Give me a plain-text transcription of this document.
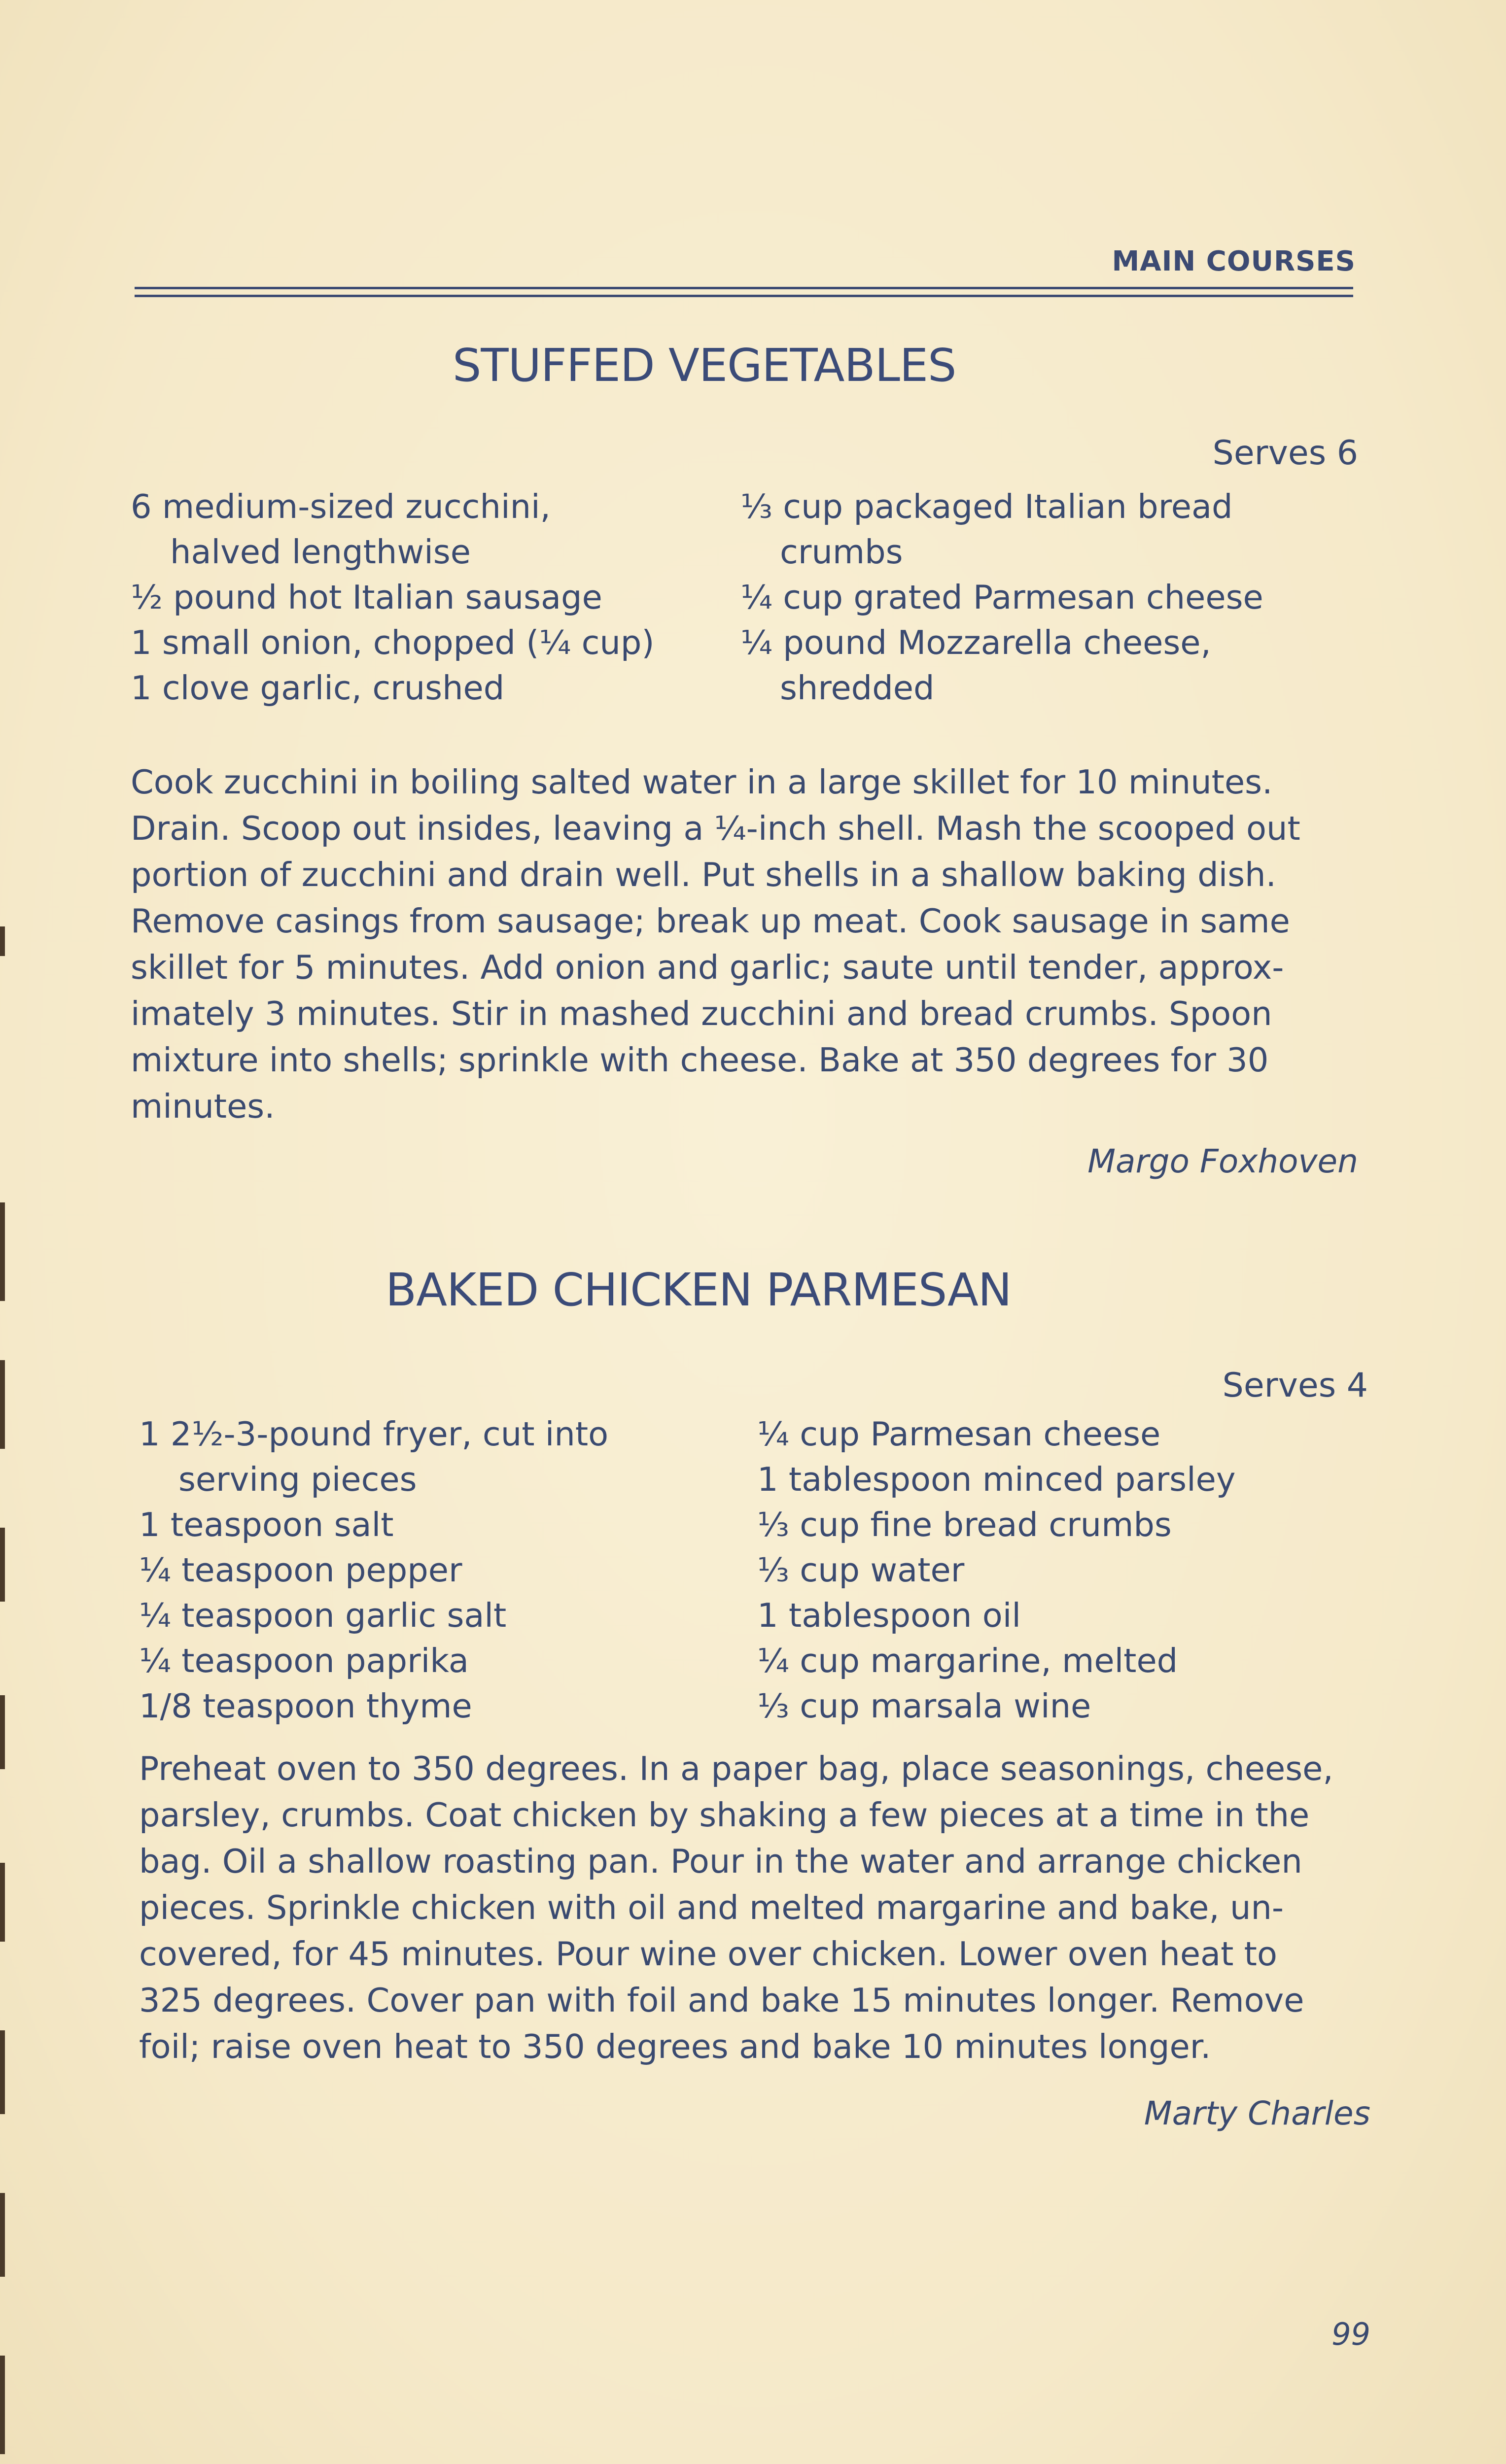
MAIN COURSES
STUFFED VEGETABLES
Serves 6
6 medium-sized zucchini,
halved lengthwise
½ pound hot Italian sausage
1 small onion, chopped (¼ cup)
1 clove garlic, crushed
⅓ cup packaged Italian bread
crumbs
¼ cup grated Parmesan cheese
¼ pound Mozzarella cheese,
shredded
Cook zucchini in boiling salted water in a large skillet for 10 minutes.
Drain. Scoop out insides, leaving a ¼-inch shell. Mash the scooped out
portion of zucchini and drain well. Put shells in a shallow baking dish.
Remove casings from sausage; break up meat. Cook sausage in same
skillet for 5 minutes. Add onion and garlic; saute until tender, approx-
imately 3 minutes. Stir in mashed zucchini and bread crumbs. Spoon
mixture into shells; sprinkle with cheese. Bake at 350 degrees for 30
minutes.
Margo Foxhoven
BAKED CHICKEN PARMESAN
Serves 4
1 2½-3-pound fryer, cut into
serving pieces
1 teaspoon salt
¼ teaspoon pepper
¼ teaspoon garlic salt
¼ teaspoon paprika
1/8 teaspoon thyme
¼ cup Parmesan cheese
1 tablespoon minced parsley
⅓ cup fine bread crumbs
⅓ cup water
1 tablespoon oil
¼ cup margarine, melted
⅓ cup marsala wine
Preheat oven to 350 degrees. In a paper bag, place seasonings, cheese,
parsley, crumbs. Coat chicken by shaking a few pieces at a time in the
bag. Oil a shallow roasting pan. Pour in the water and arrange chicken
pieces. Sprinkle chicken with oil and melted margarine and bake, un-
covered, for 45 minutes. Pour wine over chicken. Lower oven heat to
325 degrees. Cover pan with foil and bake 15 minutes longer. Remove
foil; raise oven heat to 350 degrees and bake 10 minutes longer.
Marty Charles
99
